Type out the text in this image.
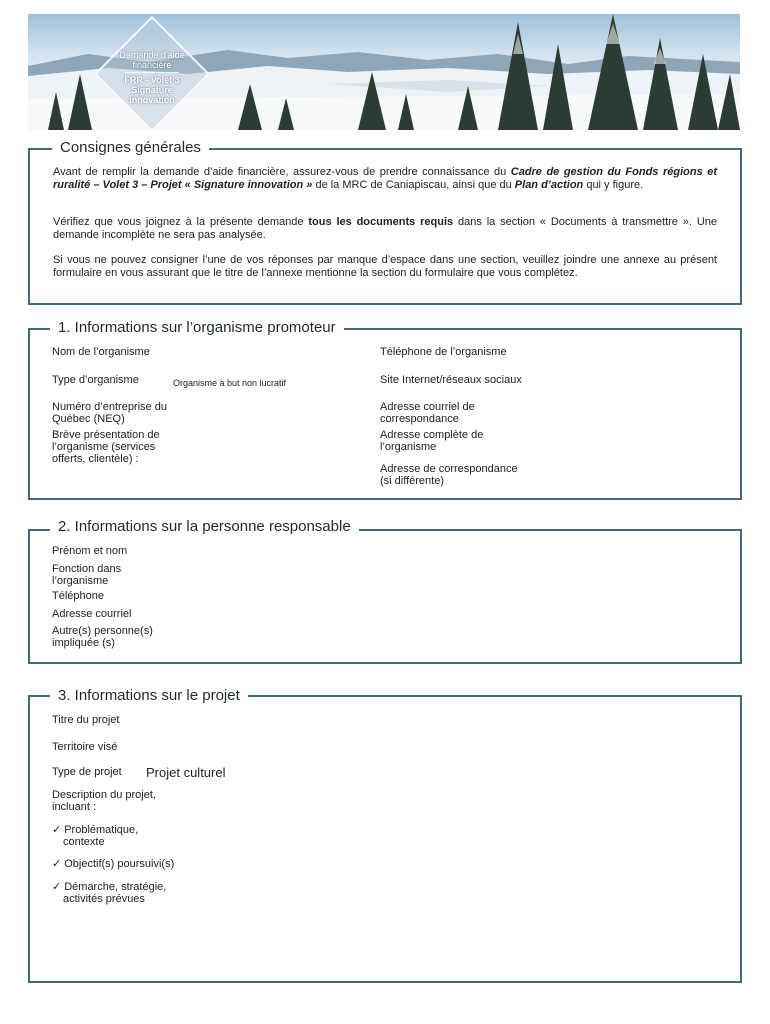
Demande d'aide
financière
FRR - Volet 3
Signature
innovation
Consignes générales
Avant de remplir la demande d’aide financière, assurez-vous de prendre connaissance du Cadre de gestion du Fonds régions et ruralité – Volet 3 – Projet « Signature innovation » de la MRC de Caniapiscau, ainsi que du Plan d’action qui y figure.
Vérifiez que vous joignez à la présente demande tous les documents requis dans la section « Documents à transmettre ». Une demande incomplète ne sera pas analysée.
Si vous ne pouvez consigner l’une de vos réponses par manque d’espace dans une section, veuillez joindre une annexe au présent formulaire en vous assurant que le titre de l’annexe mentionne la section du formulaire que vous complétez.
1. Informations sur l’organisme promoteur
Nom de l’organisme
Type d’organisme	Organisme à but non lucratif
Numéro d’entreprise du
Québec (NEQ)
Brève présentation de
l’organisme (services
offerts, clientèle) :
Téléphone de l’organisme
Site Internet/réseaux sociaux
Adresse courriel de
correspondance
Adresse complète de
l’organisme
Adresse de correspondance
(si différente)
2. Informations sur la personne responsable
Prénom et nom
Fonction dans
l’organisme
Téléphone
Adresse courriel
Autre(s) personne(s)
impliquée (s)
3. Informations sur le projet
Titre du projet
Territoire visé
Type de projet Projet culturel
Description du projet,
incluant :
✓ Problématique,
contexte
✓ Objectif(s) poursuivi(s)
✓ Démarche, stratégie,
activités prévues
